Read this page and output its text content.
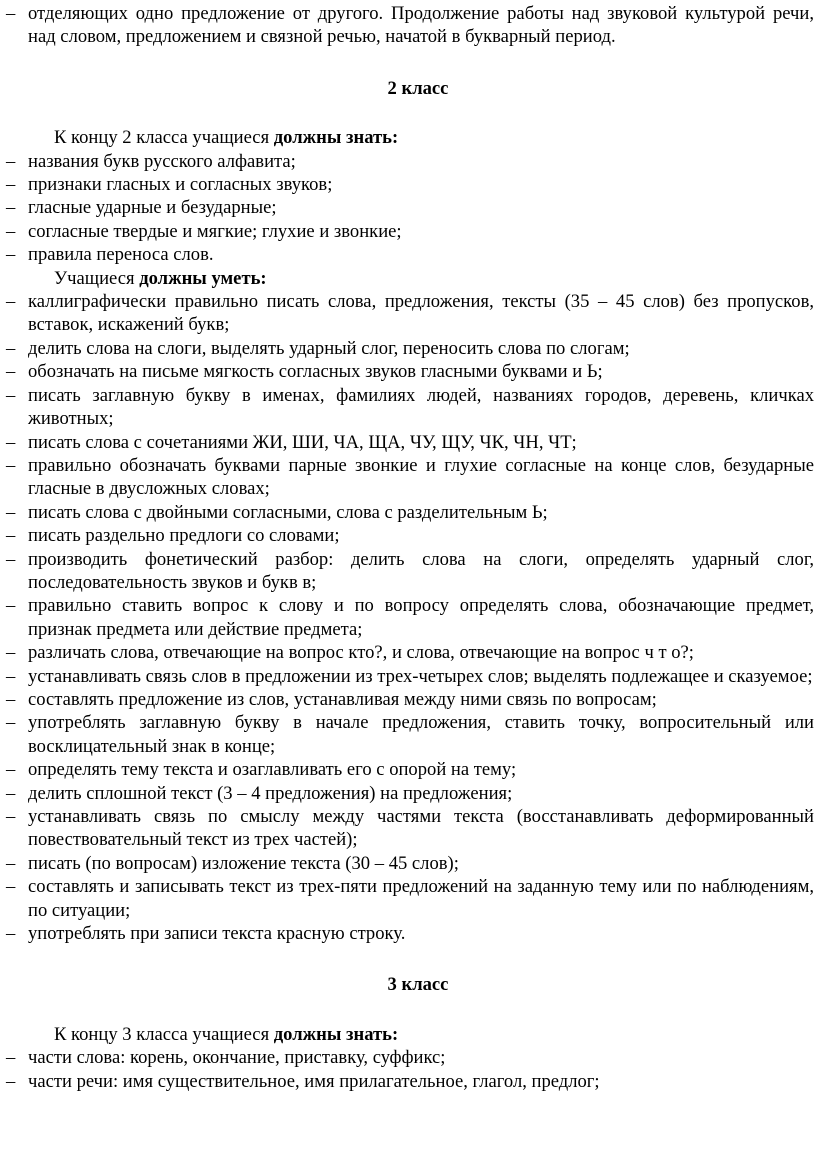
– отделяющих одно предложение от другого. Продолжение работы над звуковой культурой речи, над словом, предложением и связной речью, начатой в букварный период.
2 класс
К концу 2 класса учащиеся должны знать:
– названия букв русского алфавита;
– признаки гласных и согласных звуков;
– гласные ударные и безударные;
– согласные твердые и мягкие; глухие и звонкие;
– правила переноса слов.
Учащиеся должны уметь:
– каллиграфически правильно писать слова, предложения, тексты (35 – 45 слов) без пропусков, вставок, искажений букв;
– делить слова на слоги, выделять ударный слог, переносить слова по слогам;
– обозначать на письме мягкость согласных звуков гласными буквами и Ь;
– писать заглавную букву в именах, фамилиях людей, названиях городов, деревень, кличках животных;
– писать слова с сочетаниями ЖИ, ШИ, ЧА, ЩА, ЧУ, ЩУ, ЧК, ЧН, ЧТ;
– правильно обозначать буквами парные звонкие и глухие согласные на конце слов, безударные гласные в двусложных словах;
– писать слова с двойными согласными, слова с разделительным Ь;
– писать раздельно предлоги со словами;
– производить фонетический разбор: делить слова на слоги, определять ударный слог, последовательность звуков и букв в;
– правильно ставить вопрос к слову и по вопросу определять слова, обозначающие предмет, признак предмета или действие предмета;
– различать слова, отвечающие на вопрос кто?, и слова, отвечающие на вопрос ч т о?;
– устанавливать связь слов в предложении из трех-четырех слов; выделять подлежащее и сказуемое;
– составлять предложение из слов, устанавливая между ними связь по вопросам;
– употреблять заглавную букву в начале предложения, ставить точку, вопросительный или восклицательный знак в конце;
– определять тему текста и озаглавливать его с опорой на тему;
– делить сплошной текст (3 – 4 предложения) на предложения;
– устанавливать связь по смыслу между частями текста (восстанавливать деформированный повествовательный текст из трех частей);
– писать (по вопросам) изложение текста (30 – 45 слов);
– составлять и записывать текст из трех-пяти предложений на заданную тему или по наблюдениям, по ситуации;
– употреблять при записи текста красную строку.
3 класс
К концу 3 класса учащиеся должны знать:
– части слова: корень, окончание, приставку, суффикс;
– части речи: имя существительное, имя прилагательное, глагол, предлог;
